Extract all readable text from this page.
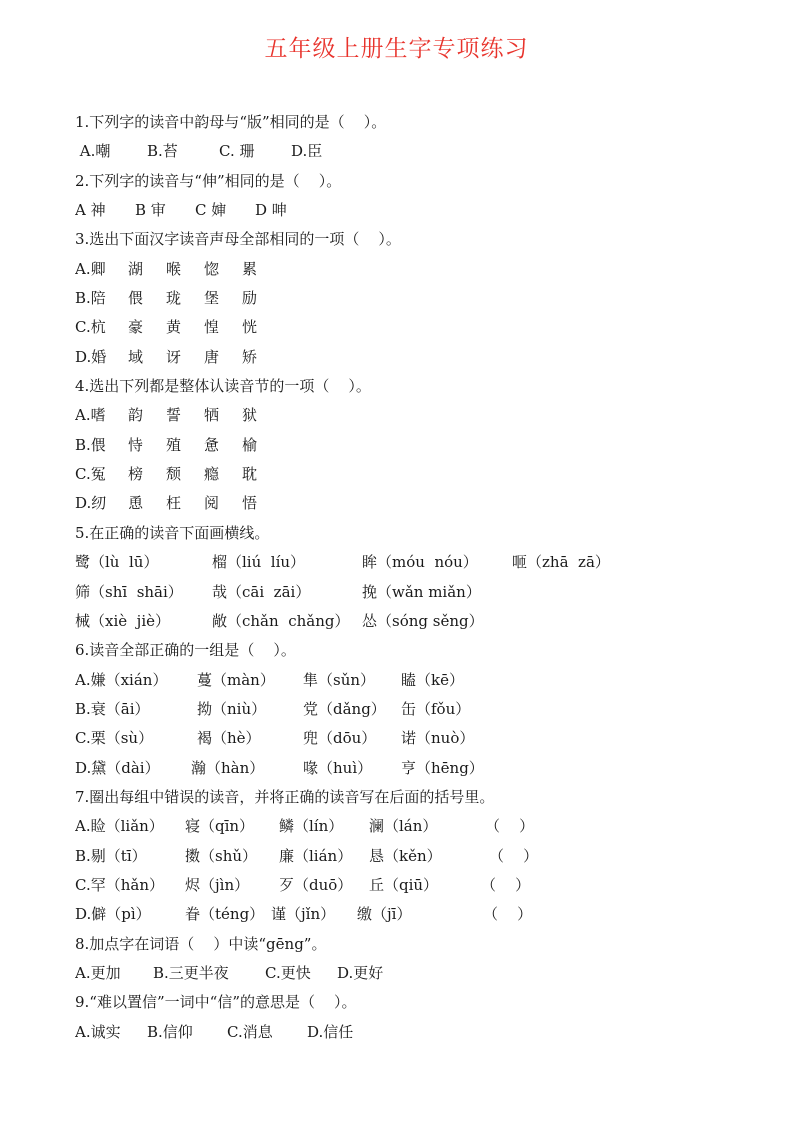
五年级上册生字专项练习
1.下列字的读音中韵母与“版”相同的是（    ）。
A.嘲	B.苔	C. 珊	D.臣
2.下列字的读音与“伸”相同的是（    ）。
A 神	B 审	C 婶	D 呻
3.选出下面汉字读音声母全部相同的一项（    ）。
A.卿	湖	喉	惚	累
B.陪	偎	珑	堡	励
C.杭	豪	黄	惶	恍
D.婚	域	讶	唐	矫
4.选出下列都是整体认读音节的一项（    ）。
A.嗜	韵	誓	牺	狱
B.偎	恃	殖	惫	榆
C.冤	榜	颓	瘾	耽
D.纫	恿	枉	阅	悟
5.在正确的读音下面画横线。
鹭（lù  lū）	榴（liú  líu）	眸（móu  nóu）	咂（zhā  zā）
筛（shī  shāi）	哉（cāi  zāi）	挽（wǎn miǎn）
械（xiè  jiè）	敞（chǎn  chǎng） 怂（sóng sěng）
6.读音全部正确的一组是（    ）。
A.嫌（xián）	蔓（màn）	隼（sǔn）	瞌（kē）
B.衰（āi）	拗（niù）	党（dǎng）	缶（fǒu）
C.栗（sù）	褐（hè）	兜（dōu）	诺（nuò）
D.黛（dài）	瀚（hàn）	喙（huì）	亨（hēng）
7.圈出每组中错误的读音，并将正确的读音写在后面的括号里。
A.睑（liǎn）	寝（qīn）	鳞（lín）	澜（lán）	（    ）
B.剔（tī）	擞（shǔ）	廉（lián）	恳（kěn）	（    ）
C.罕（hǎn）	烬（jìn）	歹（duō）	丘（qiū）	（    ）
D.僻（pì）	眷（téng） 谨（jǐn）	缴（jī）	（    ）
8.加点字在词语（    ）中读“gēng”。
A.更加	B.三更半夜	C.更快	D.更好
9.“难以置信”一词中“信”的意思是（    ）。
A.诚实	B.信仰	C.消息	D.信任
